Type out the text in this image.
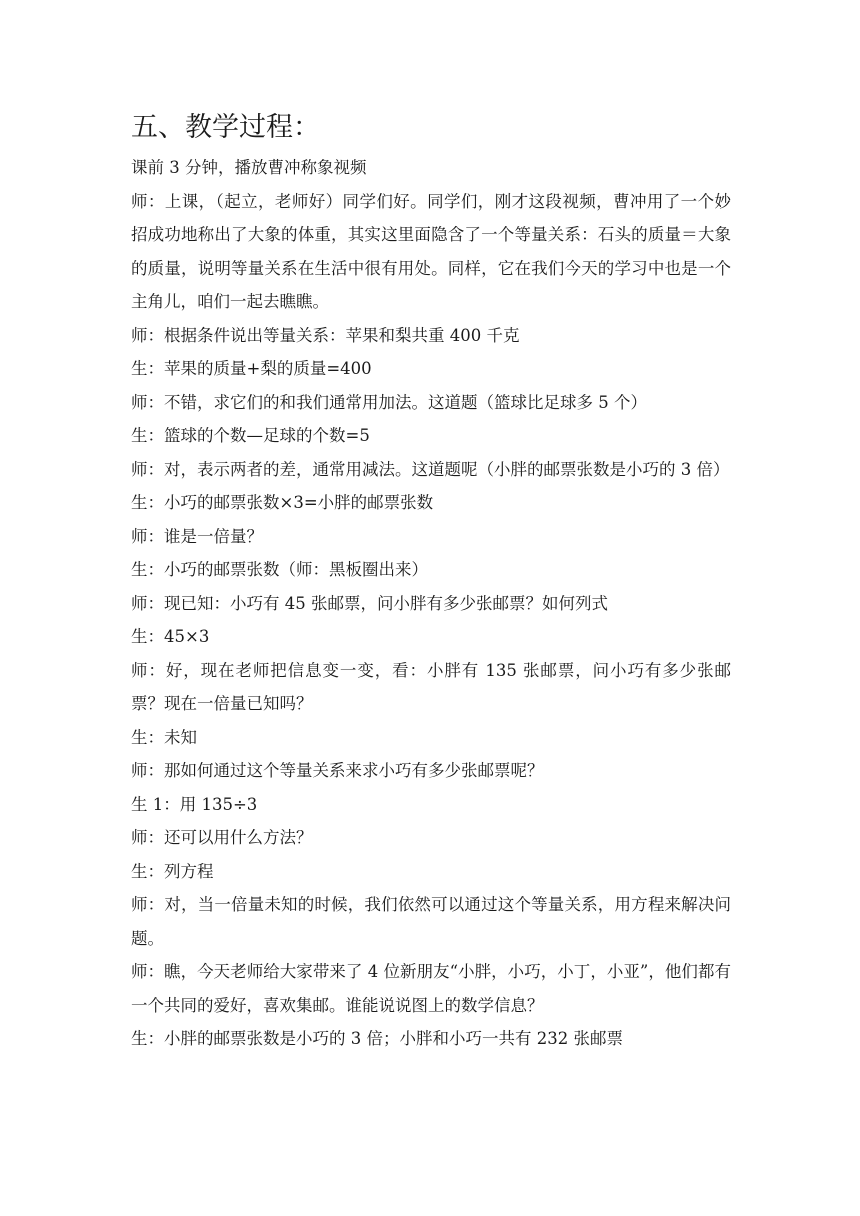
五、教学过程：

课前 3 分钟，播放曹冲称象视频

师：上课，（起立，老师好）同学们好。同学们，刚才这段视频，曹冲用了一个妙招成功地称出了大象的体重，其实这里面隐含了一个等量关系：石头的质量＝大象的质量，说明等量关系在生活中很有用处。同样，它在我们今天的学习中也是一个主角儿，咱们一起去瞧瞧。

师：根据条件说出等量关系：苹果和梨共重 400 千克

生：苹果的质量+梨的质量=400

师：不错，求它们的和我们通常用加法。这道题（篮球比足球多 5 个）

生：篮球的个数—足球的个数=5

师：对，表示两者的差，通常用减法。这道题呢（小胖的邮票张数是小巧的 3 倍）

生：小巧的邮票张数×3=小胖的邮票张数

师：谁是一倍量？

生：小巧的邮票张数（师：黑板圈出来）

师：现已知：小巧有 45 张邮票，问小胖有多少张邮票？如何列式

生：45×3

师：好，现在老师把信息变一变，看：小胖有 135 张邮票，问小巧有多少张邮票？现在一倍量已知吗？

生：未知

师：那如何通过这个等量关系来求小巧有多少张邮票呢？

生 1：用 135÷3

师：还可以用什么方法？

生：列方程

师：对，当一倍量未知的时候，我们依然可以通过这个等量关系，用方程来解决问题。

师：瞧，今天老师给大家带来了 4 位新朋友“小胖，小巧，小丁，小亚”，他们都有一个共同的爱好，喜欢集邮。谁能说说图上的数学信息？

生：小胖的邮票张数是小巧的 3 倍；小胖和小巧一共有 232 张邮票
